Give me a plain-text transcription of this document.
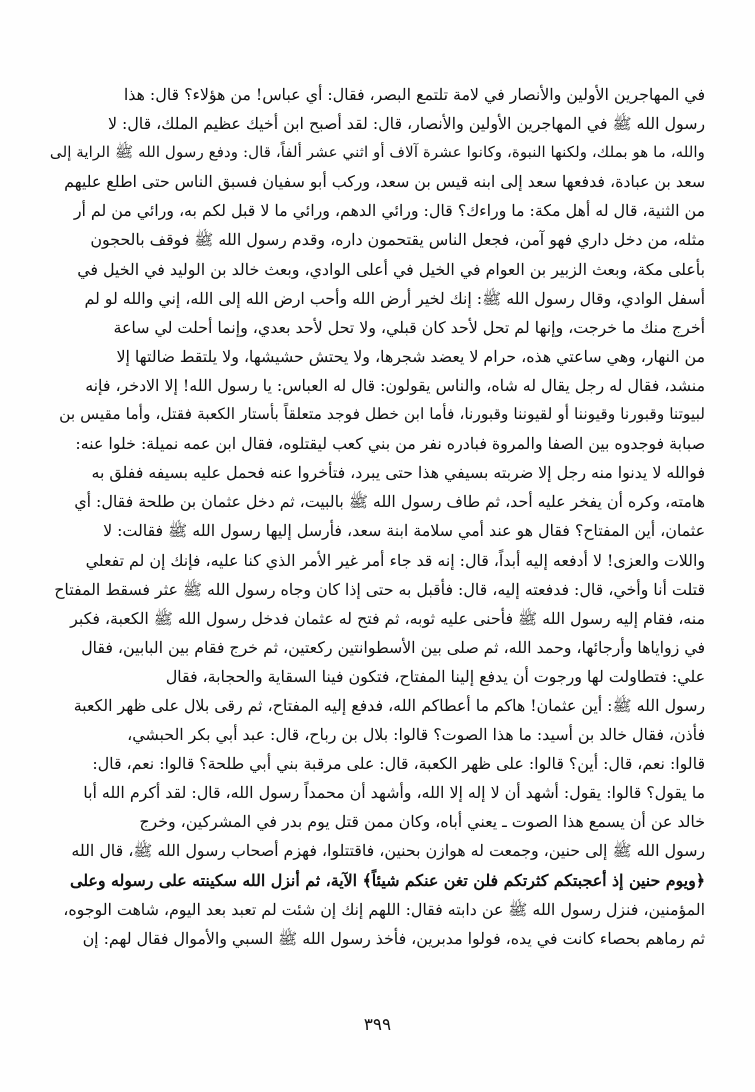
في المهاجرين الأولين والأنصار في لامة تلتمع البصر، فقال: أي عباس! من هؤلاء؟ قال: هذا
رسول الله ﷺ في المهاجرين الأولين والأنصار، قال: لقد أصبح ابن أخيك عظيم الملك، قال: لا
والله، ما هو بملك، ولكنها النبوة، وكانوا عشرة آلاف أو اثني عشر ألفاً، قال: ودفع رسول الله ﷺ الراية إلى
سعد بن عبادة، فدفعها سعد إلى ابنه قيس بن سعد، وركب أبو سفيان فسبق الناس حتى اطلع عليهم
من الثنية، قال له أهل مكة: ما وراءك؟ قال: ورائي الدهم، ورائي ما لا قبل لكم به، ورائي من لم أر
مثله، من دخل داري فهو آمن، فجعل الناس يقتحمون داره، وقدم رسول الله ﷺ فوقف بالحجون
بأعلى مكة، وبعث الزبير بن العوام في الخيل في أعلى الوادي، وبعث خالد بن الوليد في الخيل في
أسفل الوادي، وقال رسول الله ﷺ: إنك لخير أرض الله وأحب ارض الله إلى الله، إني والله لو لم
أخرج منك ما خرجت، وإنها لم تحل لأحد كان قبلي، ولا تحل لأحد بعدي، وإنما أحلت لي ساعة
من النهار، وهي ساعتي هذه، حرام لا يعضد شجرها، ولا يحتش حشيشها، ولا يلتقط ضالتها إلا
منشد، فقال له رجل يقال له شاه، والناس يقولون: قال له العباس: يا رسول الله! إلا الادخر، فإنه
لبيوتنا وقبورنا وقيوننا أو لقيوننا وقبورنا، فأما ابن خطل فوجد متعلقاً بأستار الكعبة فقتل، وأما مقيس بن
صبابة فوجدوه بين الصفا والمروة فبادره نفر من بني كعب ليقتلوه، فقال ابن عمه نميلة: خلوا عنه:
فوالله لا يدنوا منه رجل إلا ضربته بسيفي هذا حتى يبرد، فتأخروا عنه فحمل عليه بسيفه ففلق به
هامته، وكره أن يفخر عليه أحد، ثم طاف رسول الله ﷺ بالبيت، ثم دخل عثمان بن طلحة فقال: أي
عثمان، أين المفتاح؟ فقال هو عند أمي سلامة ابنة سعد، فأرسل إليها رسول الله ﷺ فقالت: لا
واللات والعزى! لا أدفعه إليه أبداً، قال: إنه قد جاء أمر غير الأمر الذي كنا عليه، فإنك إن لم تفعلي
قتلت أنا وأخي، قال: فدفعته إليه، قال: فأقبل به حتى إذا كان وجاه رسول الله ﷺ عثر فسقط المفتاح
منه، فقام إليه رسول الله ﷺ فأحنى عليه ثوبه، ثم فتح له عثمان فدخل رسول الله ﷺ الكعبة، فكبر
في زواياها وأرجائها، وحمد الله، ثم صلى بين الأسطوانتين ركعتين، ثم خرج فقام بين البابين، فقال
علي: فتطاولت لها ورجوت أن يدفع إلينا المفتاح، فتكون فينا السقاية والحجابة، فقال
رسول الله ﷺ: أين عثمان! هاكم ما أعطاكم الله، فدفع إليه المفتاح، ثم رقى بلال على ظهر الكعبة
فأذن، فقال خالد بن أسيد: ما هذا الصوت؟ قالوا: بلال بن رباح، قال: عبد أبي بكر الحبشي،
قالوا: نعم، قال: أين؟ قالوا: على ظهر الكعبة، قال: على مرقبة بني أبي طلحة؟ قالوا: نعم، قال:
ما يقول؟ قالوا: يقول: أشهد أن لا إله إلا الله، وأشهد أن محمداً رسول الله، قال: لقد أكرم الله أبا
خالد عن أن يسمع هذا الصوت ـ يعني أباه، وكان ممن قتل يوم بدر في المشركين، وخرج
رسول الله ﷺ إلى حنين، وجمعت له هوازن بحنين، فاقتتلوا، فهزم أصحاب رسول الله ﷺ، قال الله
﴿ويوم حنين إذ أعجبتكم كثرتكم فلن تغن عنكم شيئاً﴾ الآية، ثم أنزل الله سكينته على رسوله وعلى
المؤمنين، فنزل رسول الله ﷺ عن دابته فقال: اللهم إنك إن شئت لم تعبد بعد اليوم، شاهت الوجوه،
ثم رماهم بحصاء كانت في يده، فولوا مدبرين، فأخذ رسول الله ﷺ السبي والأموال فقال لهم: إن
٣٩٩
